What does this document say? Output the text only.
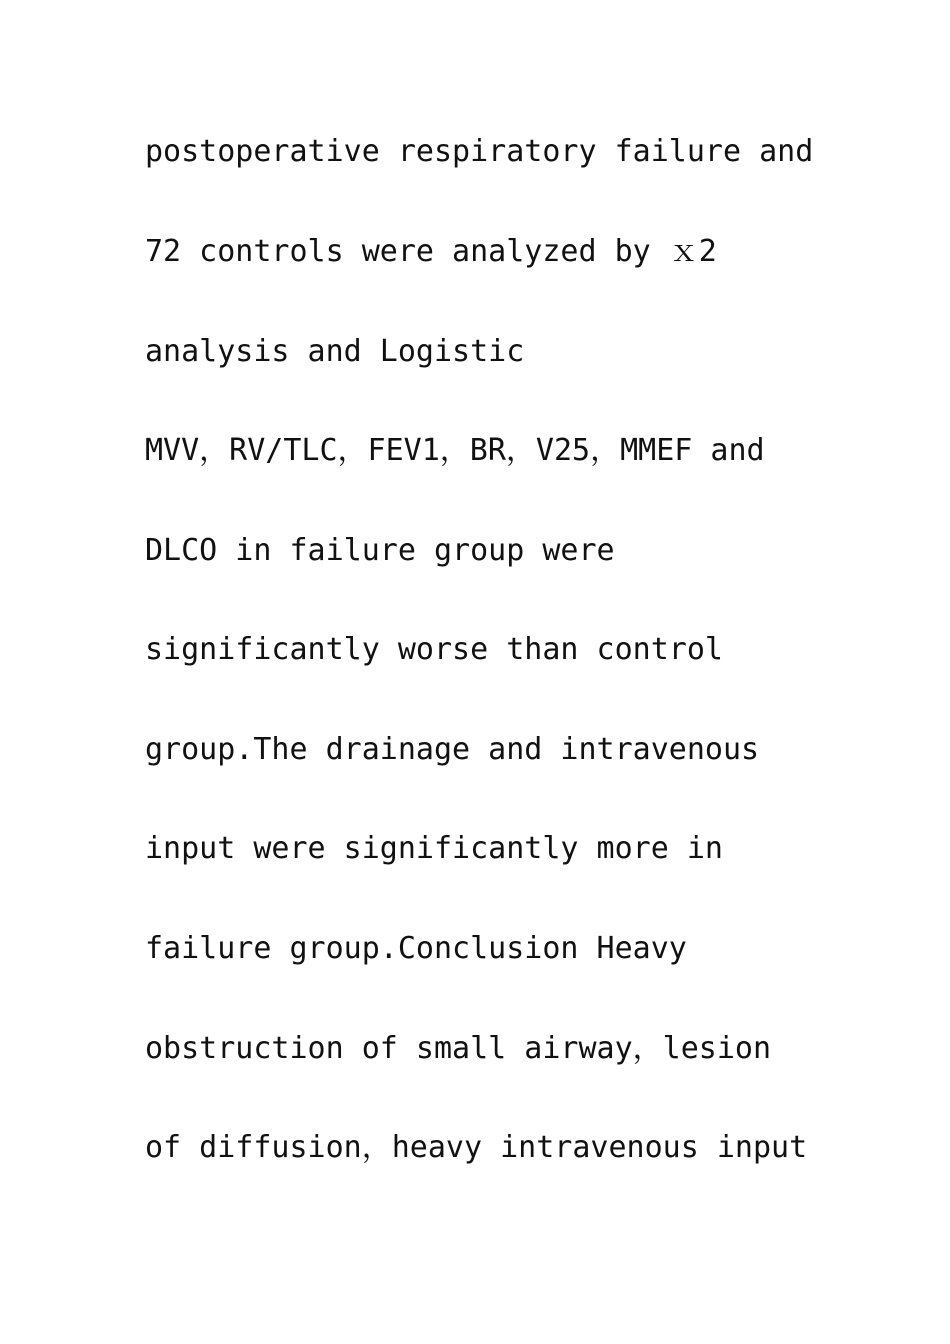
postoperative respiratory failure and

72 controls were analyzed by ｘ2

analysis and Logistic

MVV，RV/TLC，FEV1，BR，V25，MMEF and

DLCO in failure group were

significantly worse than control

group.The drainage and intravenous

input were significantly more in

failure group.Conclusion Heavy

obstruction of small airway，lesion

of diffusion，heavy intravenous input
